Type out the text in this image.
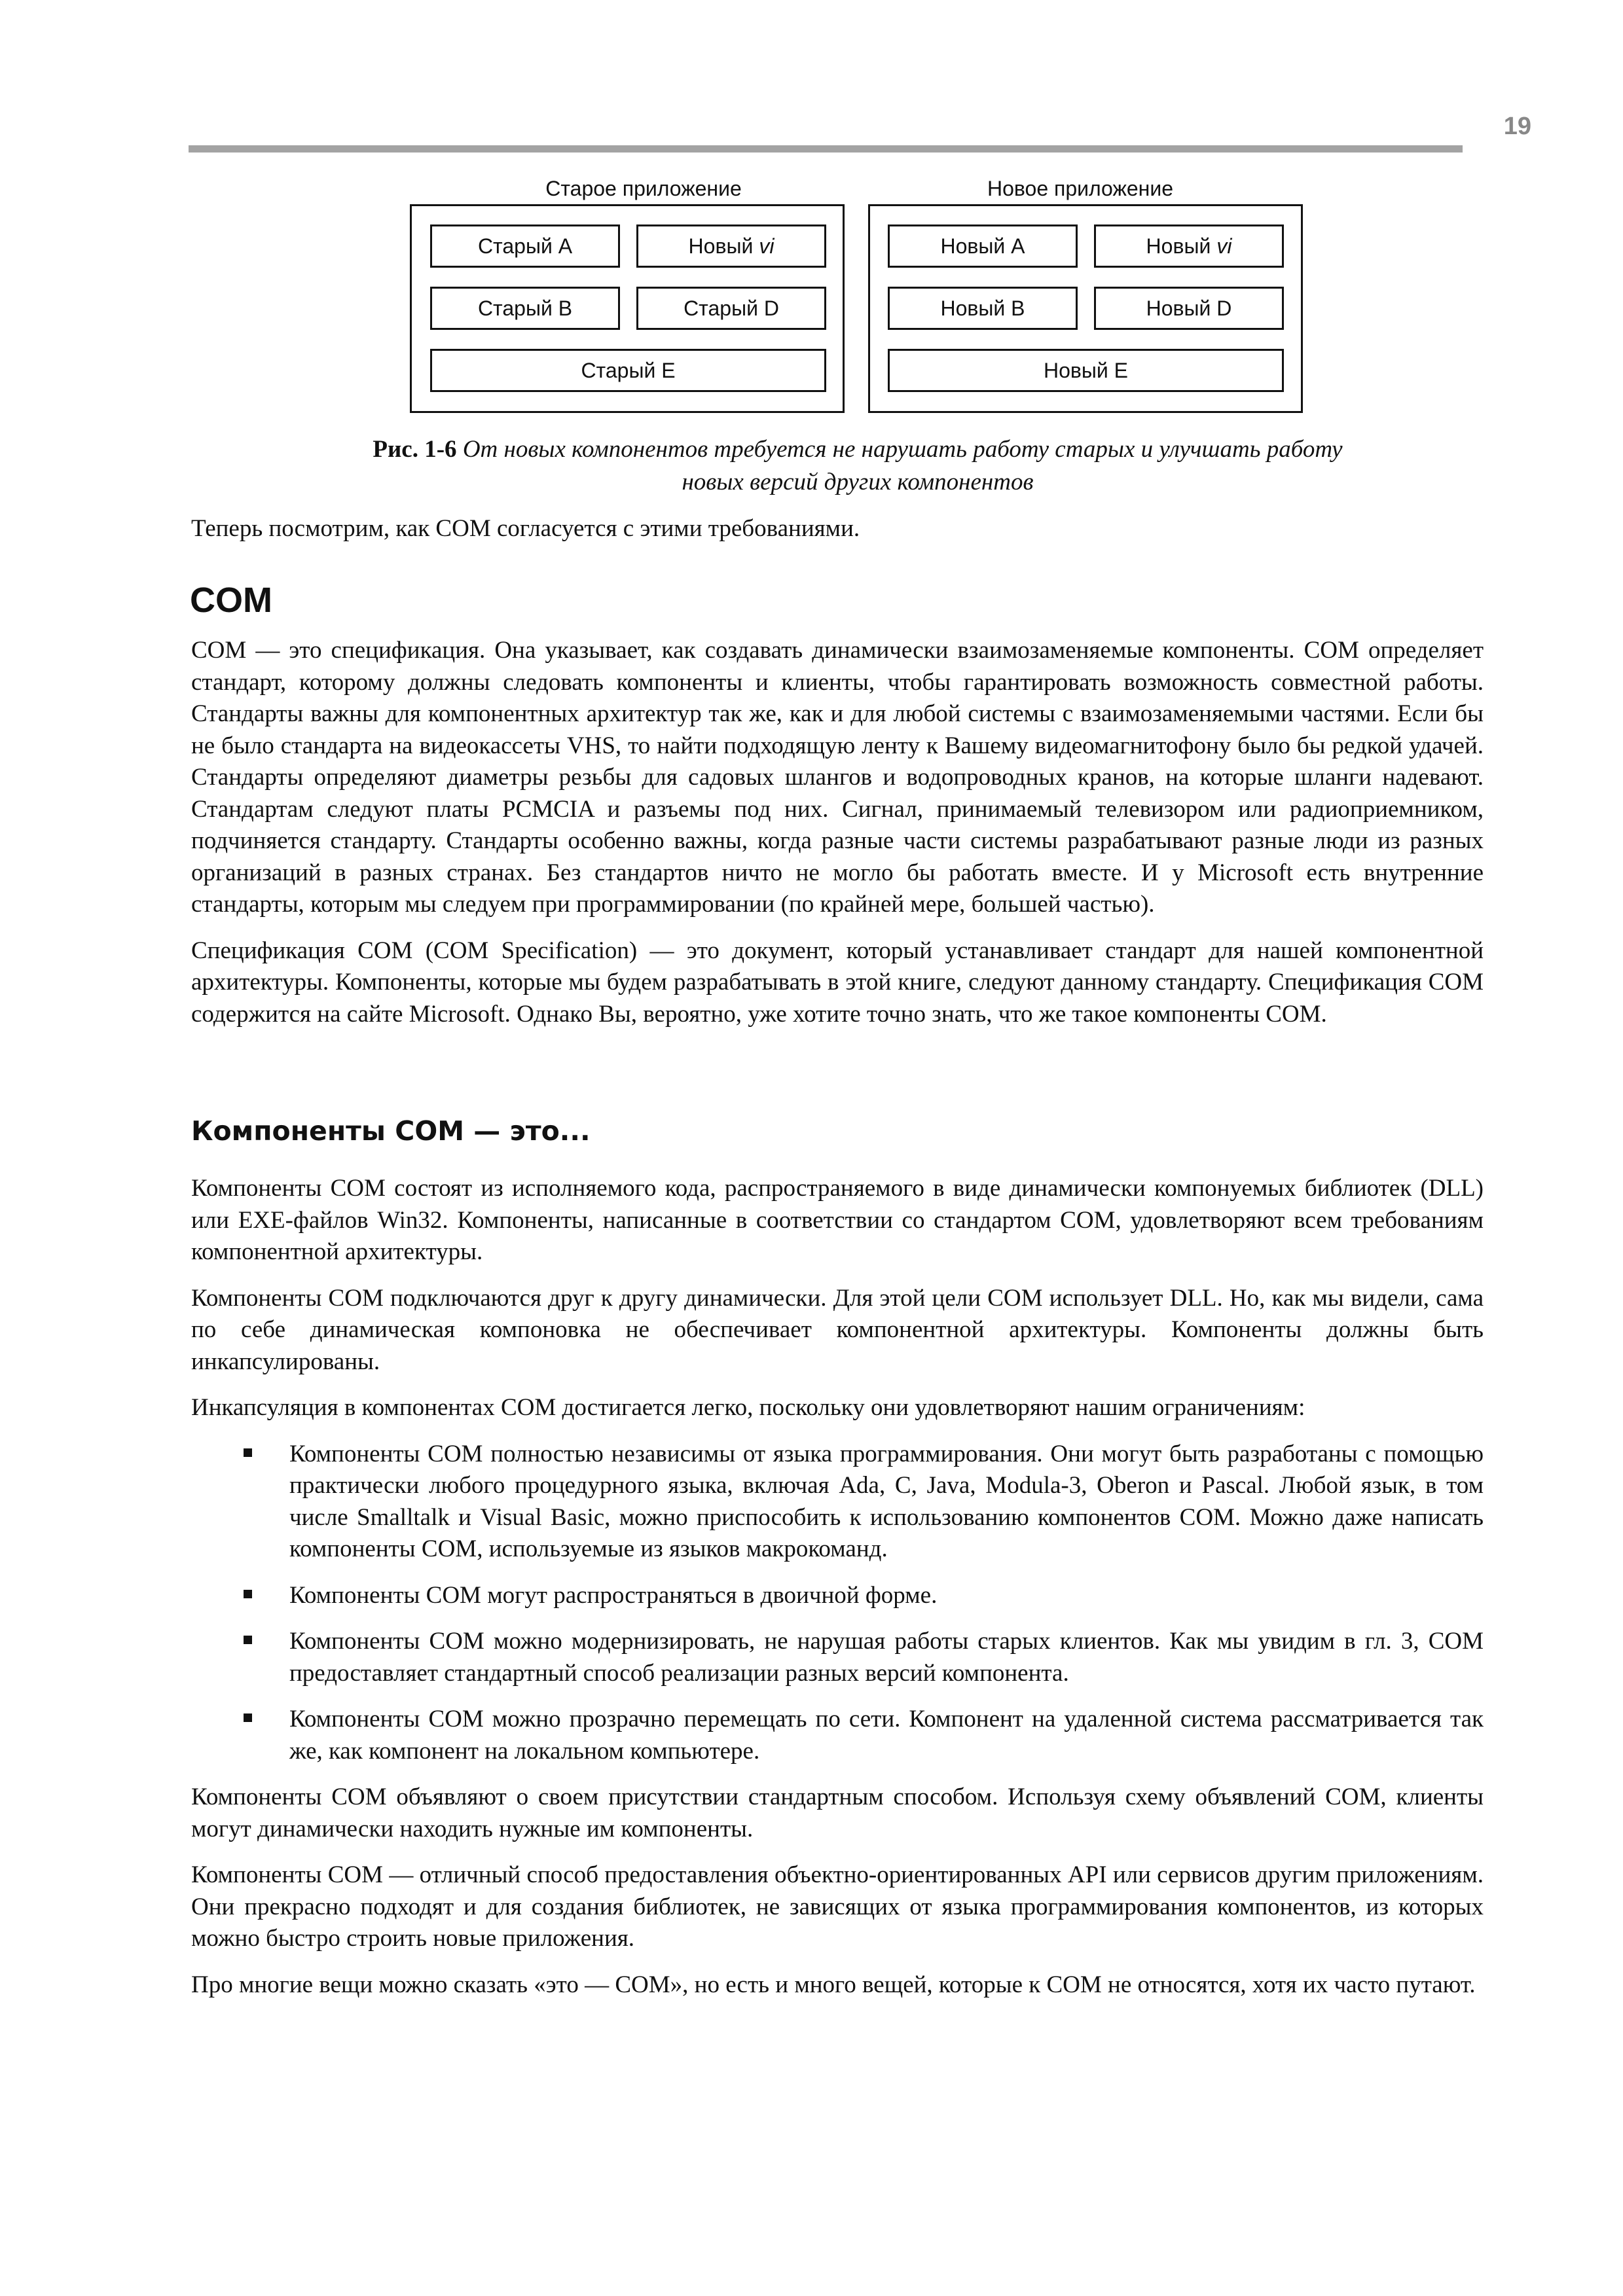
19
Старое приложение	Новое приложение
Старый A	Новый vi
Старый B	Старый D
Старый E
Новый A	Новый vi
Новый B	Новый D
Новый E
Рис. 1-6 От новых компонентов требуется не нарушать работу старых и улучшать работу новых версий других компонентов

Теперь посмотрим, как COM согласуется с этими требованиями.

COM

COM — это спецификация. Она указывает, как создавать динамически взаимозаменяемые компоненты. COM определяет стандарт, которому должны следовать компоненты и клиенты, чтобы гарантировать возможность совместной работы. Стандарты важны для компонентных архитектур так же, как и для любой системы с взаимозаменяемыми частями. Если бы не было стандарта на видеокассеты VHS, то найти подходящую ленту к Вашему видеомагнитофону было бы редкой удачей. Стандарты определяют диаметры резьбы для садовых шлангов и водопроводных кранов, на которые шланги надевают. Стандартам следуют платы PCMCIA и разъемы под них. Сигнал, принимаемый телевизором или радиоприемником, подчиняется стандарту. Стандарты особенно важны, когда разные части системы разрабатывают разные люди из разных организаций в разных странах. Без стандартов ничто не могло бы работать вместе. И у Microsoft есть внутренние стандарты, которым мы следуем при программировании (по крайней мере, большей частью).

Спецификация COM (COM Specification) — это документ, который устанавливает стандарт для нашей компонентной архитектуры. Компоненты, которые мы будем разрабатывать в этой книге, следуют данному стандарту. Спецификация COM содержится на сайте Microsoft. Однако Вы, вероятно, уже хотите точно знать, что же такое компоненты COM.

Компоненты COM — это...

Компоненты COM состоят из исполняемого кода, распространяемого в виде динамически компонуемых библиотек (DLL) или EXE-файлов Win32. Компоненты, написанные в соответствии со стандартом COM, удовлетворяют всем требованиям компонентной архитектуры.

Компоненты COM подключаются друг к другу динамически. Для этой цели COM использует DLL. Но, как мы видели, сама по себе динамическая компоновка не обеспечивает компонентной архитектуры. Компоненты должны быть инкапсулированы.

Инкапсуляция в компонентах COM достигается легко, поскольку они удовлетворяют нашим ограничениям:

Компоненты COM полностью независимы от языка программирования. Они могут быть разработаны с помощью практически любого процедурного языка, включая Ada, C, Java, Modula-3, Oberon и Pascal. Любой язык, в том числе Smalltalk и Visual Basic, можно приспособить к использованию компонентов COM. Можно даже написать компоненты COM, используемые из языков макрокоманд.
Компоненты COM могут распространяться в двоичной форме.
Компоненты COM можно модернизировать, не нарушая работы старых клиентов. Как мы увидим в гл. 3, COM предоставляет стандартный способ реализации разных версий компонента.
Компоненты COM можно прозрачно перемещать по сети. Компонент на удаленной система рассматривается так же, как компонент на локальном компьютере.

Компоненты COM объявляют о своем присутствии стандартным способом. Используя схему объявлений COM, клиенты могут динамически находить нужные им компоненты.

Компоненты COM — отличный способ предоставления объектно-ориентированных API или сервисов другим приложениям. Они прекрасно подходят и для создания библиотек, не зависящих от языка программирования компонентов, из которых можно быстро строить новые приложения.

Про многие вещи можно сказать «это — COM», но есть и много вещей, которые к COM не относятся, хотя их часто путают.
